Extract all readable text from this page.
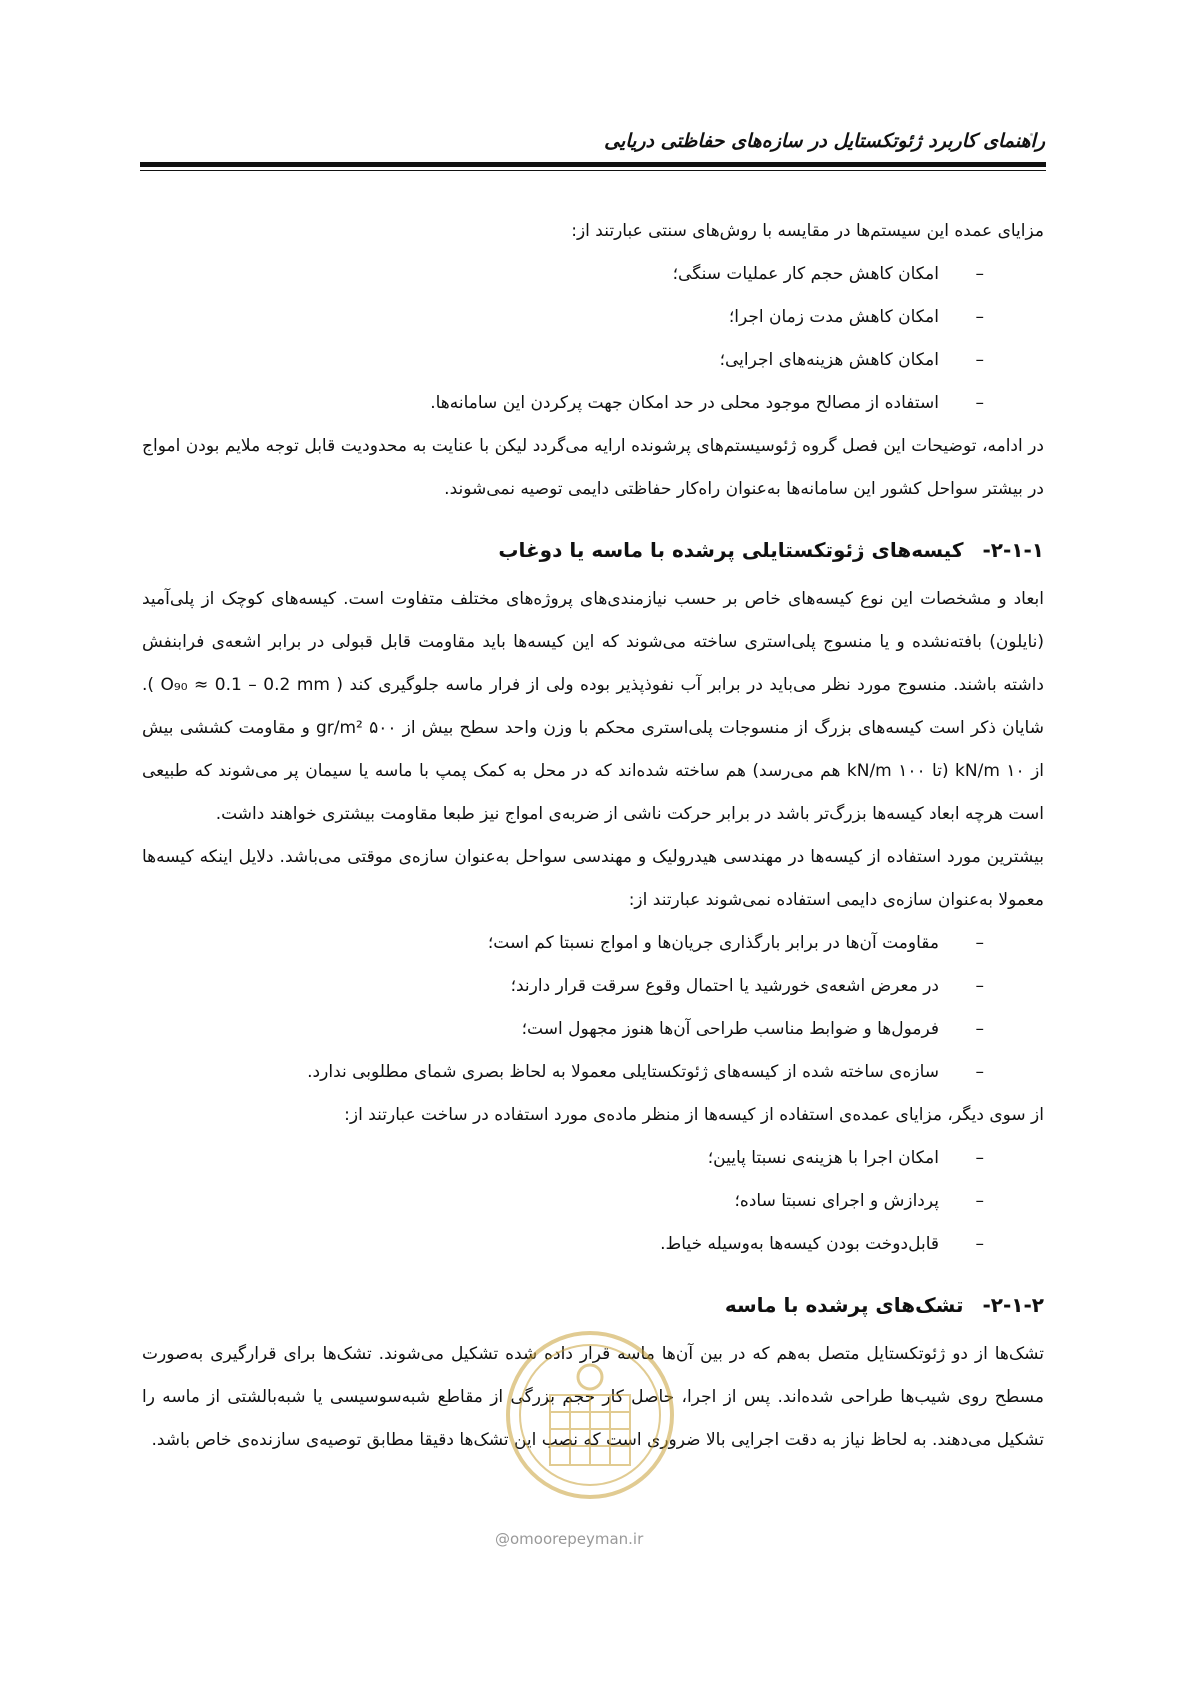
راهنمای کاربرد ژئوتکستایل در سازه‌های حفاظتی دریایی

مزایای عمده این سیستم‌ها در مقایسه با روش‌های سنتی عبارتند از:

– امکان کاهش حجم کار عملیات سنگی؛
– امکان کاهش مدت زمان اجرا؛
– امکان کاهش هزینه‌های اجرایی؛
– استفاده از مصالح موجود محلی در حد امکان جهت پرکردن این سامانه‌ها.

در ادامه، توضیحات این فصل گروه ژئوسیستم‌های پرشونده ارایه می‌گردد لیکن با عنایت به محدودیت قابل توجه ملایم بودن امواج در بیشتر سواحل کشور این سامانه‌ها به‌عنوان راه‌کار حفاظتی دایمی توصیه نمی‌شوند.

۲-۱-۱- کیسه‌های ژئوتکستایلی پرشده با ماسه یا دوغاب

ابعاد و مشخصات این نوع کیسه‌های خاص بر حسب نیازمندی‌های پروژه‌های مختلف متفاوت است. کیسه‌های کوچک از پلی‌آمید (نایلون) بافته‌نشده و یا منسوج پلی‌استری ساخته می‌شوند که این کیسه‌ها باید مقاومت قابل قبولی در برابر اشعه‌ی فرابنفش داشته باشند. منسوج مورد نظر می‌باید در برابر آب نفوذپذیر بوده ولی از فرار ماسه جلوگیری کند ( O₉₀ ≈ 0.1 – 0.2 mm ). شایان ذکر است کیسه‌های بزرگ از منسوجات پلی‌استری محکم با وزن واحد سطح بیش از ۵۰۰ gr/m² و مقاومت کششی بیش از ۱۰ kN/m (تا ۱۰۰ kN/m هم می‌رسد) هم ساخته شده‌اند که در محل به کمک پمپ با ماسه یا سیمان پر می‌شوند که طبیعی است هرچه ابعاد کیسه‌ها بزرگ‌تر باشد در برابر حرکت ناشی از ضربه‌ی امواج نیز طبعا مقاومت بیشتری خواهند داشت.

بیشترین مورد استفاده از کیسه‌ها در مهندسی هیدرولیک و مهندسی سواحل به‌عنوان سازه‌ی موقتی می‌باشد. دلایل اینکه کیسه‌ها معمولا به‌عنوان سازه‌ی دایمی استفاده نمی‌شوند عبارتند از:

– مقاومت آن‌ها در برابر بارگذاری جریان‌ها و امواج نسبتا کم است؛
– در معرض اشعه‌ی خورشید یا احتمال وقوع سرقت قرار دارند؛
– فرمول‌ها و ضوابط مناسب طراحی آن‌ها هنوز مجهول است؛
– سازه‌ی ساخته شده از کیسه‌های ژئوتکستایلی معمولا به لحاظ بصری شمای مطلوبی ندارد.

از سوی دیگر، مزایای عمده‌ی استفاده از کیسه‌ها از منظر ماده‌ی مورد استفاده در ساخت عبارتند از:

– امکان اجرا با هزینه‌ی نسبتا پایین؛
– پردازش و اجرای نسبتا ساده؛
– قابل‌دوخت بودن کیسه‌ها به‌وسیله خیاط.
۲-۱-۲- تشک‌های پرشده با ماسه

تشک‌ها از دو ژئوتکستایل متصل به‌هم که در بین آن‌ها ماسه قرار داده شده تشکیل می‌شوند. تشک‌ها برای قرارگیری به‌صورت مسطح روی شیب‌ها طراحی شده‌اند. پس از اجرا، حاصل کار حجم بزرگی از مقاطع شبه‌سوسیسی یا شبه‌بالشتی از ماسه را تشکیل می‌دهند. به لحاظ نیاز به دقت اجرایی بالا ضروری است که نصب این تشک‌ها دقیقا مطابق توصیه‌ی سازنده‌ی خاص باشد.

@omoorepeyman.ir
